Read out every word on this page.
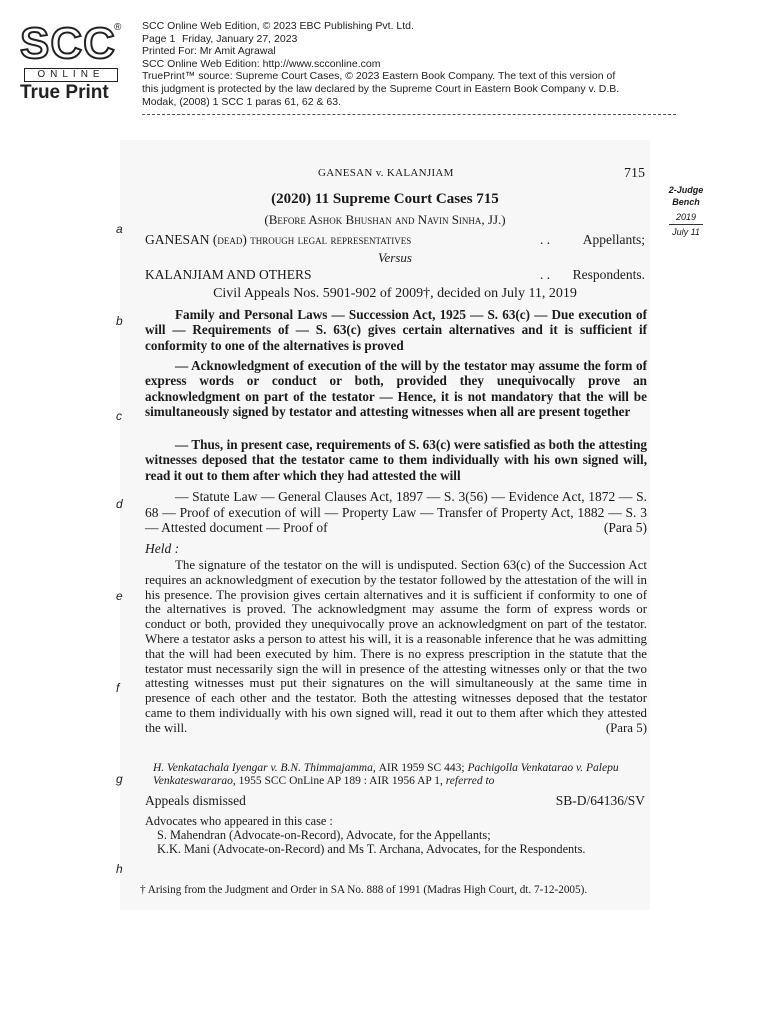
SCC
®
ONLINE
True Print
SCC Online Web Edition, © 2023 EBC Publishing Pvt. Ltd.
Page 1 Friday, January 27, 2023
Printed For: Mr Amit Agrawal
SCC Online Web Edition: http://www.scconline.com
TruePrint™ source: Supreme Court Cases, © 2023 Eastern Book Company. The text of this version of
this judgment is protected by the law declared by the Supreme Court in Eastern Book Company v. D.B.
Modak, (2008) 1 SCC 1 paras 61, 62 & 63.
GANESAN v. KALANJIAM	715
2-Judge
Bench
2019
July 11
(2020) 11 Supreme Court Cases 715
(Before Ashok Bhushan and Navin Sinha, JJ.)
a
b
c
d
e
f
g
h
GANESAN (dead) through legal representatives	. . Appellants;
Versus
KALANJIAM AND OTHERS	. . Respondents.
Civil Appeals Nos. 5901-902 of 2009†, decided on July 11, 2019
Family and Personal Laws — Succession Act, 1925 — S. 63(c) — Due execution of will — Requirements of — S. 63(c) gives certain alternatives and it is sufficient if conformity to one of the alternatives is proved
— Acknowledgment of execution of the will by the testator may assume the form of express words or conduct or both, provided they unequivocally prove an acknowledgment on part of the testator — Hence, it is not mandatory that the will be simultaneously signed by testator and attesting witnesses when all are present together
— Thus, in present case, requirements of S. 63(c) were satisfied as both the attesting witnesses deposed that the testator came to them individually with his own signed will, read it out to them after which they had attested the will
— Statute Law — General Clauses Act, 1897 — S. 3(56) — Evidence Act, 1872 — S. 68 — Proof of execution of will — Property Law — Transfer of Property Act, 1882 — S. 3 — Attested document — Proof of	(Para 5)
Held :
The signature of the testator on the will is undisputed. Section 63(c) of the Succession Act requires an acknowledgment of execution by the testator followed by the attestation of the will in his presence. The provision gives certain alternatives and it is sufficient if conformity to one of the alternatives is proved. The acknowledgment may assume the form of express words or conduct or both, provided they unequivocally prove an acknowledgment on part of the testator. Where a testator asks a person to attest his will, it is a reasonable inference that he was admitting that the will had been executed by him. There is no express prescription in the statute that the testator must necessarily sign the will in presence of the attesting witnesses only or that the two attesting witnesses must put their signatures on the will simultaneously at the same time in presence of each other and the testator. Both the attesting witnesses deposed that the testator came to them individually with his own signed will, read it out to them after which they attested the will.	(Para 5)
H. Venkatachala Iyengar v. B.N. Thimmajamma, AIR 1959 SC 443; Pachigolla Venkatarao v. Palepu Venkateswararao, 1955 SCC OnLine AP 189 : AIR 1956 AP 1, referred to
Appeals dismissed	SB-D/64136/SV
Advocates who appeared in this case :
S. Mahendran (Advocate-on-Record), Advocate, for the Appellants;
K.K. Mani (Advocate-on-Record) and Ms T. Archana, Advocates, for the Respondents.
† Arising from the Judgment and Order in SA No. 888 of 1991 (Madras High Court, dt. 7-12-2005).
